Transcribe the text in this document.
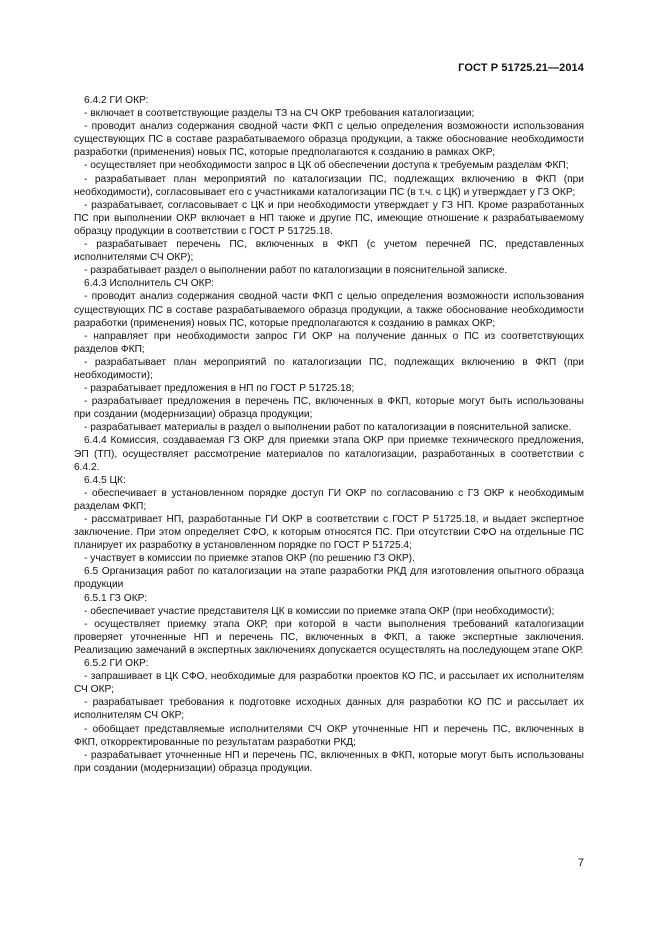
ГОСТ Р 51725.21—2014

6.4.2 ГИ ОКР:

- включает в соответствующие разделы ТЗ на СЧ ОКР требования каталогизации;

- проводит анализ содержания сводной части ФКП с целью определения возможности использования существующих ПС в составе разрабатываемого образца продукции, а также обоснование необходимости разработки (применения) новых ПС, которые предполагаются к созданию в рамках ОКР;

- осуществляет при необходимости запрос в ЦК об обеспечении доступа к требуемым разделам ФКП;

- разрабатывает план мероприятий по каталогизации ПС, подлежащих включению в ФКП (при необходимости), согласовывает его с участниками каталогизации ПС (в т.ч. с ЦК) и утверждает у ГЗ ОКР;

- разрабатывает, согласовывает с ЦК и при необходимости утверждает у ГЗ НП. Кроме разработанных ПС при выполнении ОКР включает в НП также и другие ПС, имеющие отношение к разрабатываемому образцу продукции в соответствии с ГОСТ Р 51725.18.

- разрабатывает перечень ПС, включенных в ФКП (с учетом перечней ПС, представленных исполнителями СЧ ОКР);

- разрабатывает раздел о выполнении работ по каталогизации в пояснительной записке.

6.4.3 Исполнитель СЧ ОКР:

- проводит анализ содержания сводной части ФКП с целью определения возможности использования существующих ПС в составе разрабатываемого образца продукции, а также обоснование необходимости разработки (применения) новых ПС, которые предполагаются к созданию в рамках ОКР;

- направляет при необходимости запрос ГИ ОКР на получение данных о ПС из соответствующих разделов ФКП;

- разрабатывает план мероприятий по каталогизации ПС, подлежащих включению в ФКП (при необходимости);

- разрабатывает предложения в НП по ГОСТ Р 51725.18;

- разрабатывает предложения в перечень ПС, включенных в ФКП, которые могут быть использованы при создании (модернизации) образца продукции;

- разрабатывает материалы в раздел о выполнении работ по каталогизации в пояснительной записке.

6.4.4 Комиссия, создаваемая ГЗ ОКР для приемки этапа ОКР при приемке технического предложения, ЭП (ТП), осуществляет рассмотрение материалов по каталогизации, разработанных в соответствии с 6.4.2.

6.4.5 ЦК:

- обеспечивает в установленном порядке доступ ГИ ОКР по согласованию с ГЗ ОКР к необходимым разделам ФКП;

- рассматривает НП, разработанные ГИ ОКР в соответствии с ГОСТ Р 51725.18, и выдает экспертное заключение. При этом определяет СФО, к которым относятся ПС. При отсутствии СФО на отдельные ПС планирует их разработку в установленном порядке по ГОСТ Р 51725.4;

- участвует в комиссии по приемке этапов ОКР (по решению ГЗ ОКР).

6.5 Организация работ по каталогизации на этапе разработки РКД для изготовления опытного образца продукции

6.5.1 ГЗ ОКР:

- обеспечивает участие представителя ЦК в комиссии по приемке этапа ОКР (при необходимости);

- осуществляет приемку этапа ОКР, при которой в части выполнения требований каталогизации проверяет уточненные НП и перечень ПС, включенных в ФКП, а также экспертные заключения. Реализацию замечаний в экспертных заключениях допускается осуществлять на последующем этапе ОКР.

6.5.2 ГИ ОКР:

- запрашивает в ЦК СФО, необходимые для разработки проектов КО ПС, и рассылает их исполнителям СЧ ОКР;

- разрабатывает требования к подготовке исходных данных для разработки КО ПС и рассылает их исполнителям СЧ ОКР;

- обобщает представляемые исполнителями СЧ ОКР уточненные НП и перечень ПС, включенных в ФКП, откорректированные по результатам разработки РКД;

- разрабатывает уточненные НП и перечень ПС, включенных в ФКП, которые могут быть использованы при создании (модернизации) образца продукции.

7
